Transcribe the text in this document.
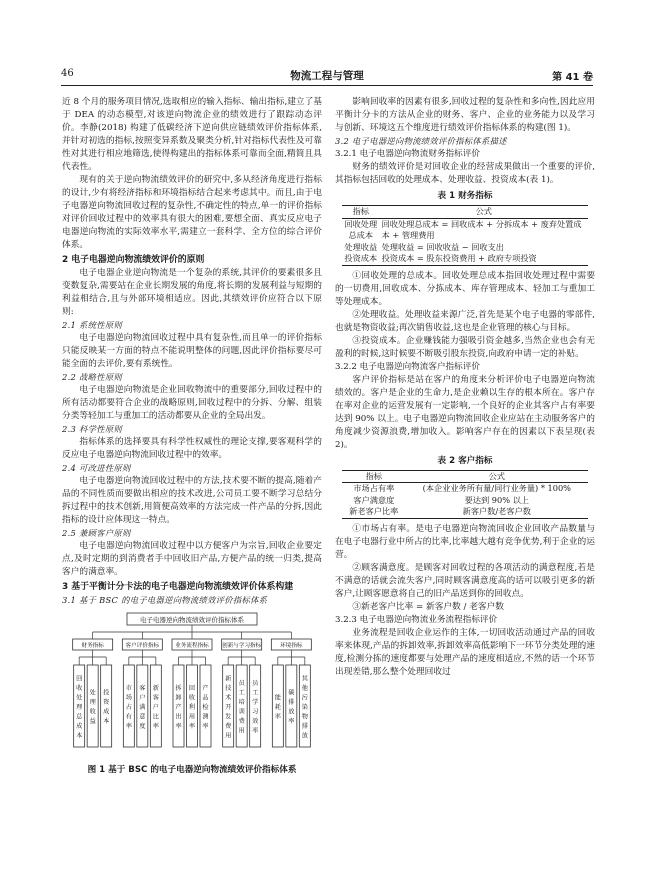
46	物流工程与管理	第 41 卷

近 8 个月的服务项目情况,选取相应的输入指标、输出指标,建立了基于 DEA 的动态模型,对该逆向物流企业的绩效进行了跟踪动态评价。李静(2018) 构建了低碳经济下逆向供应链绩效评价指标体系,并针对初选的指标,按照变异系数及聚类分析,针对指标代表性及可靠性对其进行相应地筛选,使得构建出的指标体系可靠而全面,精简且具代表性。

现有的关于逆向物流绩效评价的研究中,多从经济角度进行指标的设计,少有将经济指标和环境指标结合起来考虑其中。而且,由于电子电器逆向物流回收过程的复杂性,不确定性的特点,单一的评价指标对评价回收过程中的效率具有很大的困难,要想全面、真实反应电子电器逆向物流的实际效率水平,需建立一套科学、全方位的综合评价体系。

2 电子电器逆向物流绩效评价的原则

电子电器企业逆向物流是一个复杂的系统,其评价的要素很多且变数复杂,需要站在企业长期发展的角度,将长期的发展利益与短期的利益相结合,且与外部环境相适应。因此,其绩效评价应符合以下原则:

2.1 系统性原则

电子电器逆向物流回收过程中具有复杂性,而且单一的评价指标只能反映某一方面的特点不能说明整体的问题,因此评价指标要尽可能全面的去评价,要有系统性。

2.2 战略性原则

电子电器逆向物流是企业回收物流中的重要部分,回收过程中的所有活动都要符合企业的战略原则,回收过程中的分拆、分解、组装分类等轻加工与重加工的活动都要从企业的全局出发。

2.3 科学性原则

指标体系的选择要具有科学性权威性的理论支撑,要客观科学的反应电子电器逆向物流回收过程中的效率。

2.4 可改进性原则

电子电器逆向物流回收过程中的方法,技术要不断的提高,随着产品的不同性质而要做出相应的技术改进,公司员工要不断学习总结分拆过程中的技术创新,用简便高效率的方法完成一件产品的分拆,因此指标的设计应体现这一特点。

2.5 兼顾客户原则

电子电器逆向物流回收过程中以方便客户为宗旨,回收企业要定点,及时定期的到消费者手中回收旧产品,方便产品的统一归类,提高客户的满意率。

3 基于平衡计分卡法的电子电器逆向物流绩效评价体系构建
3.1 基于 BSC 的电子电器逆向物流绩效评价指标体系
电子电器逆向物流绩效评价指标体系
财务指标
回收处理总成本
处理收益
投资成本
客户评价指标
市场占有率
客户满意度
新客户比率
业务流程指标
拆卸产出率
回收利用率
产品检测率
创新与学习指标
新技术开发费用
员工培训费用
员工学习效率
环境指标
能耗率
碳排放率
其他污染物排放
图 1 基于 BSC 的电子电器逆向物流绩效评价指标体系

影响回收率的因素有很多,回收过程的复杂性和多向性,因此应用平衡计分卡的方法从企业的财务、客户、企业的业务能力以及学习与创新、环境这五个维度进行绩效评价指标体系的构建(图 1)。

3.2 电子电器逆向物流绩效评价指标体系描述
3.2.1 电子电器逆向物流财务指标评价

财务的绩效评价是对回收企业的经营成果做出一个重要的评价,其指标包括回收的处理成本、处理收益、投资成本(表 1)。

表 1 财务指标
指标	公式
回收处理	回收处理总成本 = 回收成本 + 分拆成本 + 废弃处置成
总成本	本 + 管理费用
处理收益	处理收益 = 回收收益 − 回收支出
投资成本	投资成本 = 股东投资费用 + 政府专项投资

①回收处理的总成本。回收处理总成本指回收处理过程中需要的一切费用,回收成本、分拣成本、库存管理成本、轻加工与重加工等处理成本。

②处理收益。处理收益来源广泛,首先是某个电子电器的零部件,也就是物资收益;再次销售收益,这也是企业管理的核心与目标。

③投资成本。企业赚钱能力强吸引资金越多,当然企业也会有无盈利的时候,这时候要不断吸引股东投资,向政府申请一定的补贴。

3.2.2 电子电器逆向物流客户指标评价

客户评价指标是站在客户的角度来分析评价电子电器逆向物流绩效的。客户是企业的生命力,是企业赖以生存的根本所在。客户存在率对企业的运营发展有一定影响,一个良好的企业其客户占有率要达到 90% 以上。电子电器逆向物流回收企业应站在主动服务客户的角度减少资源浪费,增加收入。影响客户存在的因素以下表呈现(表 2)。

表 2 客户指标
指标	公式
市场占有率	(本企业业务所有量/同行业务量) * 100%
客户满意度	要达到 90% 以上
新老客户比率	新客户数/老客户数

①市场占有率。是电子电器逆向物流回收企业回收产品数量与在电子电器行业中所占的比率,比率越大越有竞争优势,利于企业的运营。

②顾客满意度。是顾客对回收过程的各项活动的满意程度,若是不满意的话就会流失客户,同时顾客满意度高的话可以吸引更多的新客户,让顾客愿意将自己的旧产品送到你的回收点。

③新老客户比率 = 新客户数 / 老客户数

3.2.3 电子电器逆向物流业务流程指标评价

业务流程是回收企业运作的主体,一切回收活动通过产品的回收率来体现,产品的拆卸效率,拆卸效率高低影响下一环节分类处理的速度,检测分拣的速度都要与处理产品的速度相适应,不然的话一个环节出现差错,那么整个处理回收过
